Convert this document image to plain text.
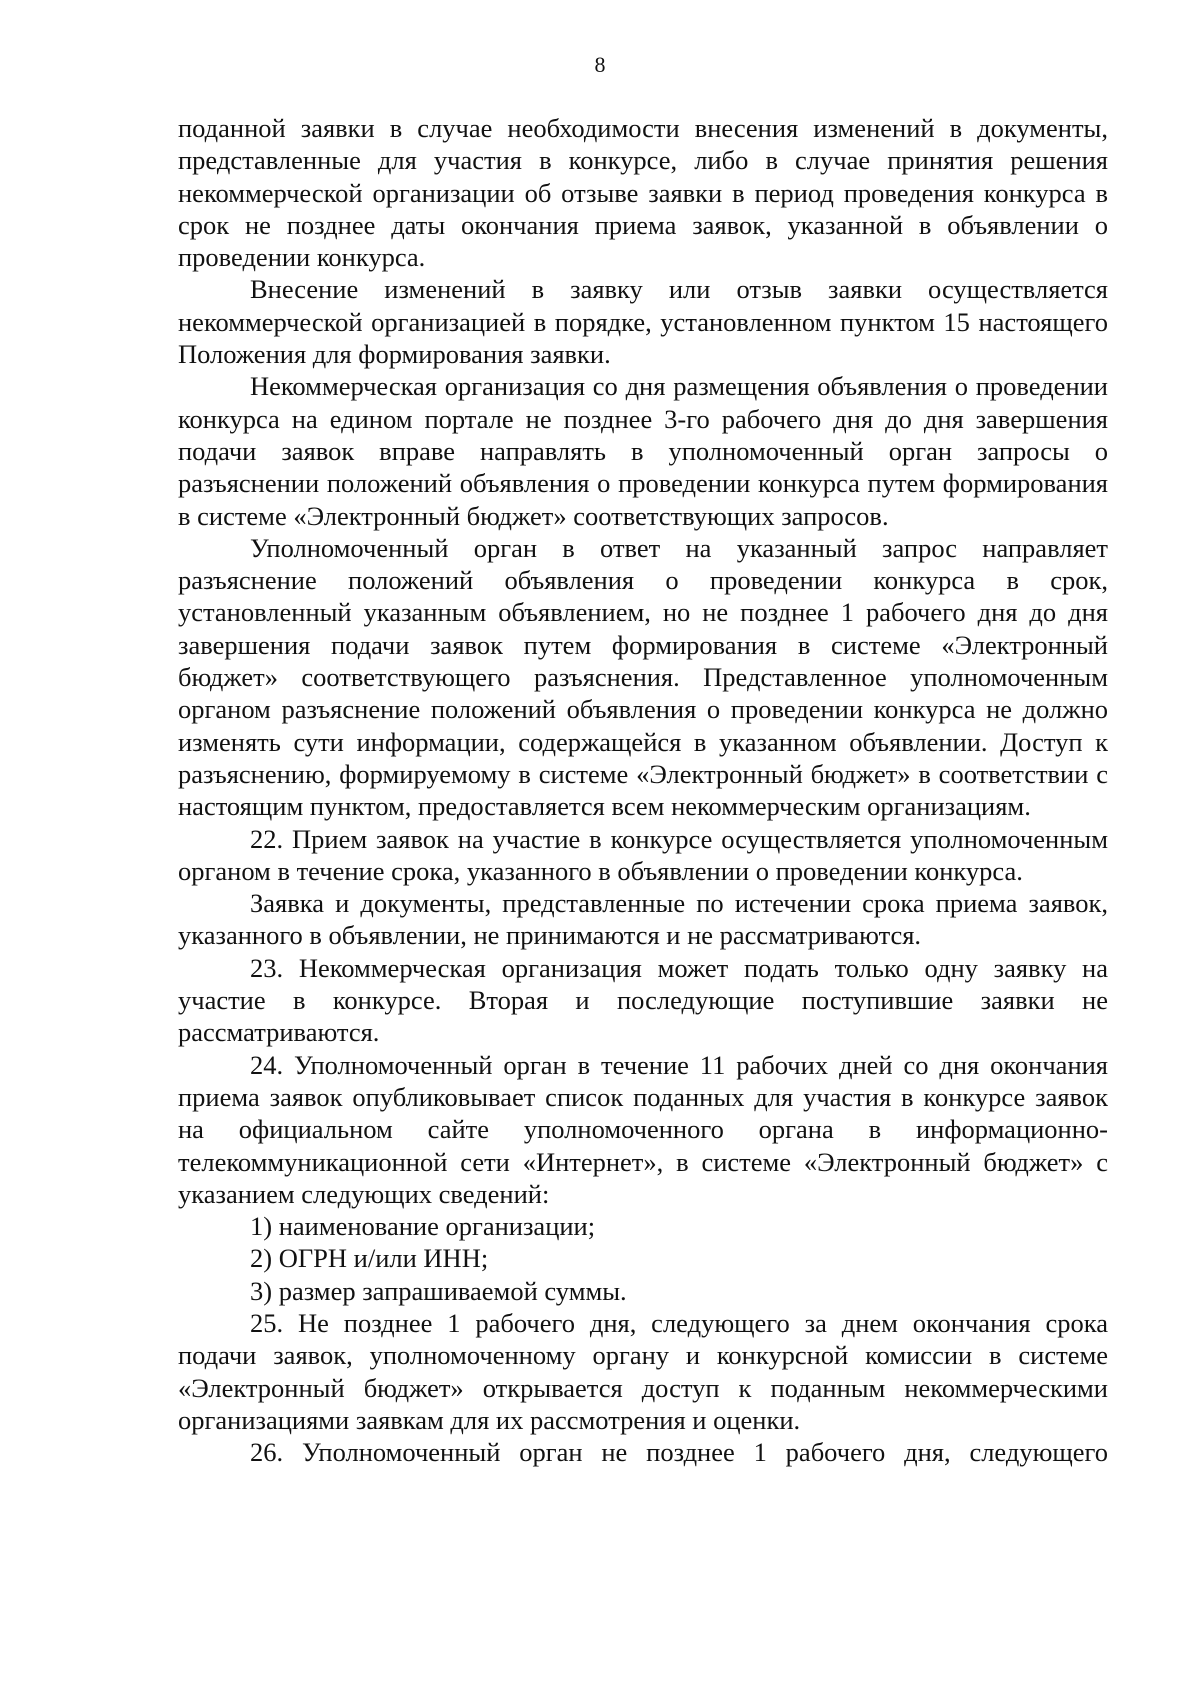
8

поданной заявки в случае необходимости внесения изменений в документы, представленные для участия в конкурсе, либо в случае принятия решения некоммерческой организации об отзыве заявки в период проведения конкурса в срок не позднее даты окончания приема заявок, указанной в объявлении о проведении конкурса.

Внесение изменений в заявку или отзыв заявки осуществляется некоммерческой организацией в порядке, установленном пунктом 15 настоящего Положения для формирования заявки.

Некоммерческая организация со дня размещения объявления о проведении конкурса на едином портале не позднее 3-го рабочего дня до дня завершения подачи заявок вправе направлять в уполномоченный орган запросы о разъяснении положений объявления о проведении конкурса путем формирования в системе «Электронный бюджет» соответствующих запросов.

Уполномоченный орган в ответ на указанный запрос направляет разъяснение положений объявления о проведении конкурса в срок, установленный указанным объявлением, но не позднее 1 рабочего дня до дня завершения подачи заявок путем формирования в системе «Электронный бюджет» соответствующего разъяснения. Представленное уполномоченным органом разъяснение положений объявления о проведении конкурса не должно изменять сути информации, содержащейся в указанном объявлении. Доступ к разъяснению, формируемому в системе «Электронный бюджет» в соответствии с настоящим пунктом, предоставляется всем некоммерческим организациям.

22. Прием заявок на участие в конкурсе осуществляется уполномоченным органом в течение срока, указанного в объявлении о проведении конкурса.

Заявка и документы, представленные по истечении срока приема заявок, указанного в объявлении, не принимаются и не рассматриваются.

23. Некоммерческая организация может подать только одну заявку на участие в конкурсе. Вторая и последующие поступившие заявки не рассматриваются.

24. Уполномоченный орган в течение 11 рабочих дней со дня окончания приема заявок опубликовывает список поданных для участия в конкурсе заявок на официальном сайте уполномоченного органа в информационно-телекоммуникационной сети «Интернет», в системе «Электронный бюджет» с указанием следующих сведений:

1) наименование организации;

2) ОГРН и/или ИНН;

3) размер запрашиваемой суммы.

25. Не позднее 1 рабочего дня, следующего за днем окончания срока подачи заявок, уполномоченному органу и конкурсной комиссии в системе «Электронный бюджет» открывается доступ к поданным некоммерческими организациями заявкам для их рассмотрения и оценки.

26. Уполномоченный орган не позднее 1 рабочего дня, следующего
